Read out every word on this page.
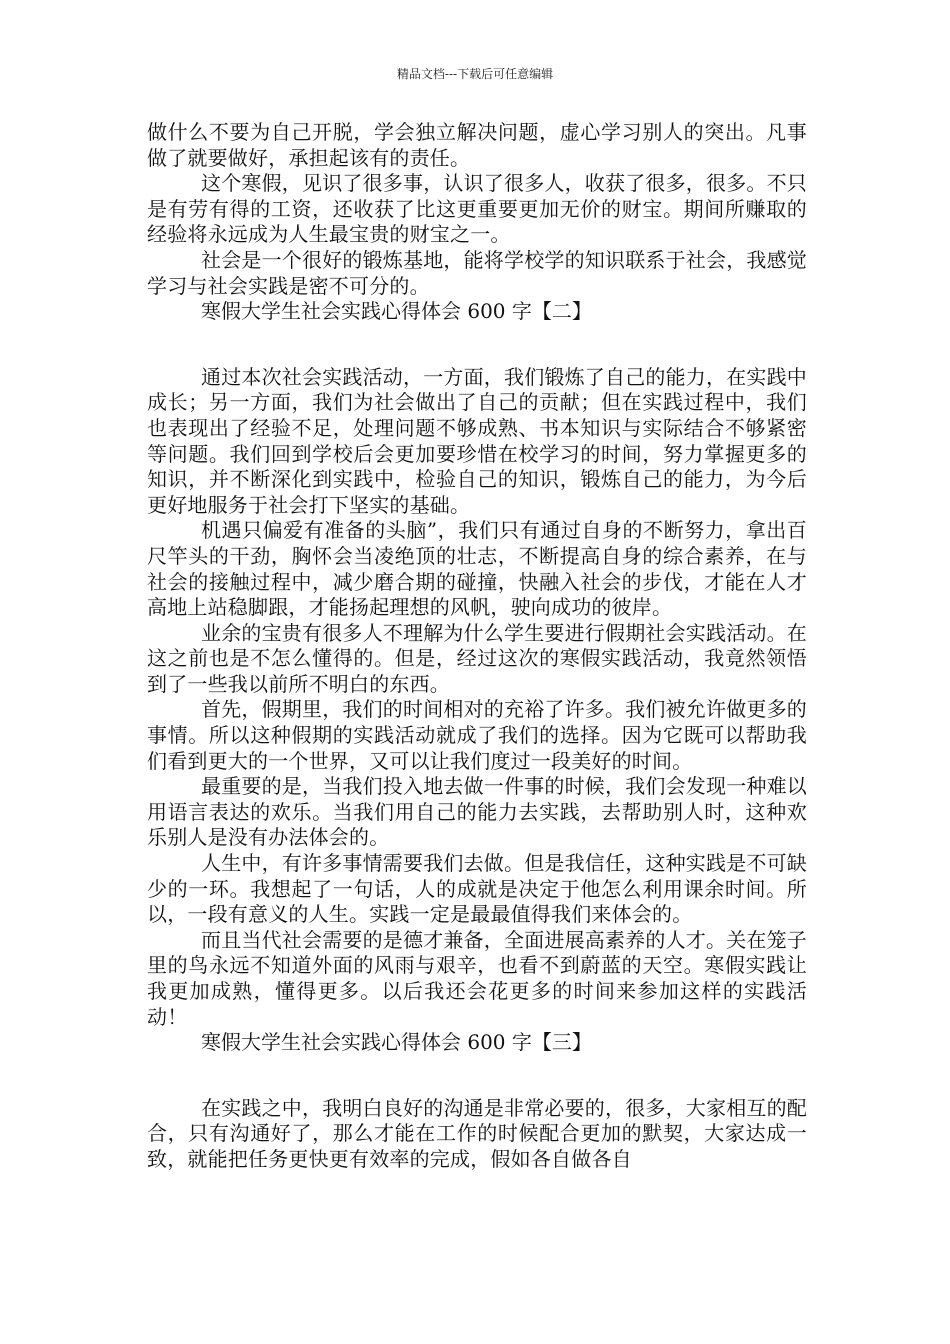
精品文档---下载后可任意编辑

做什么不要为自己开脱，学会独立解决问题，虚心学习别人的突出。凡事做了就要做好，承担起该有的责任。

这个寒假，见识了很多事，认识了很多人，收获了很多，很多。不只是有劳有得的工资，还收获了比这更重要更加无价的财宝。期间所赚取的经验将永远成为人生最宝贵的财宝之一。

社会是一个很好的锻炼基地，能将学校学的知识联系于社会，我感觉学习与社会实践是密不可分的。

寒假大学生社会实践心得体会 600 字【二】

通过本次社会实践活动，一方面，我们锻炼了自己的能力，在实践中成长；另一方面，我们为社会做出了自己的贡献；但在实践过程中，我们也表现出了经验不足，处理问题不够成熟、书本知识与实际结合不够紧密等问题。我们回到学校后会更加要珍惜在校学习的时间，努力掌握更多的知识，并不断深化到实践中，检验自己的知识，锻炼自己的能力，为今后更好地服务于社会打下坚实的基础。

机遇只偏爱有准备的头脑”，我们只有通过自身的不断努力，拿出百尺竿头的干劲，胸怀会当凌绝顶的壮志，不断提高自身的综合素养，在与社会的接触过程中，减少磨合期的碰撞，快融入社会的步伐，才能在人才高地上站稳脚跟，才能扬起理想的风帆，驶向成功的彼岸。

业余的宝贵有很多人不理解为什么学生要进行假期社会实践活动。在这之前也是不怎么懂得的。但是，经过这次的寒假实践活动，我竟然领悟到了一些我以前所不明白的东西。

首先，假期里，我们的时间相对的充裕了许多。我们被允许做更多的事情。所以这种假期的实践活动就成了我们的选择。因为它既可以帮助我们看到更大的一个世界，又可以让我们度过一段美好的时间。

最重要的是，当我们投入地去做一件事的时候，我们会发现一种难以用语言表达的欢乐。当我们用自己的能力去实践，去帮助别人时，这种欢乐别人是没有办法体会的。

人生中，有许多事情需要我们去做。但是我信任，这种实践是不可缺少的一环。我想起了一句话，人的成就是决定于他怎么利用课余时间。所以，一段有意义的人生。实践一定是最最值得我们来体会的。

而且当代社会需要的是德才兼备，全面进展高素养的人才。关在笼子里的鸟永远不知道外面的风雨与艰辛，也看不到蔚蓝的天空。寒假实践让我更加成熟，懂得更多。以后我还会花更多的时间来参加这样的实践活动！

寒假大学生社会实践心得体会 600 字【三】

在实践之中，我明白良好的沟通是非常必要的，很多，大家相互的配合，只有沟通好了，那么才能在工作的时候配合更加的默契，大家达成一致，就能把任务更快更有效率的完成，假如各自做各自
